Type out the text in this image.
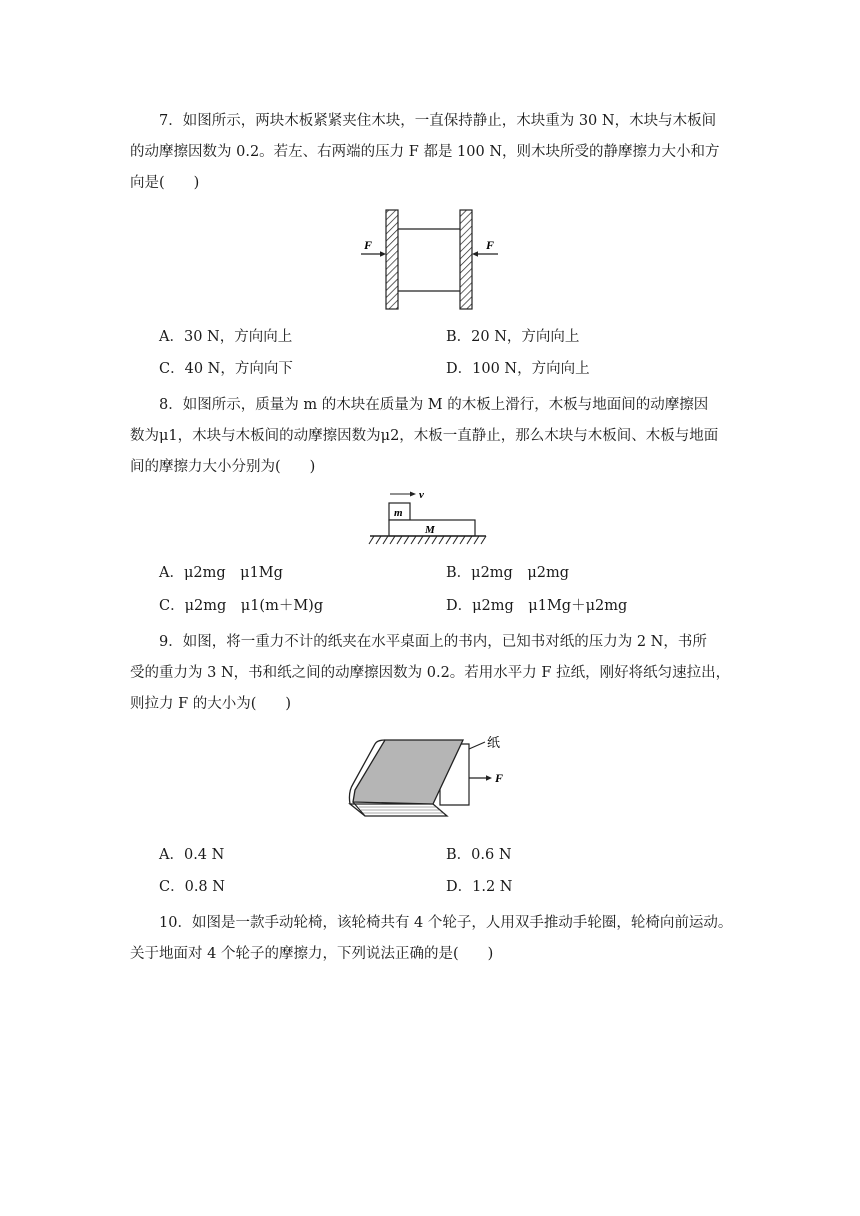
7．如图所示，两块木板紧紧夹住木块，一直保持静止，木块重为 30 N，木块与木板间
的动摩擦因数为 0.2。若左、右两端的压力 F 都是 100 N，则木块所受的静摩擦力大小和方
向是(　　)
F	F
A．30 N，方向向上	B．20 N，方向向上
C．40 N，方向向下	D．100 N，方向向上
8．如图所示，质量为 m 的木块在质量为 M 的木板上滑行，木板与地面间的动摩擦因
数为μ1，木块与木板间的动摩擦因数为μ2，木板一直静止，那么木块与木板间、木板与地面
间的摩擦力大小分别为(　　)
v
m
M
A．μ2mg　μ1Mg	B．μ2mg　μ2mg
C．μ2mg　μ1(m＋M)g	D．μ2mg　μ1Mg＋μ2mg
9．如图，将一重力不计的纸夹在水平桌面上的书内，已知书对纸的压力为 2 N，书所
受的重力为 3 N，书和纸之间的动摩擦因数为 0.2。若用水平力 F 拉纸，刚好将纸匀速拉出，
则拉力 F 的大小为(　　)
纸
F
A．0.4 N	B．0.6 N
C．0.8 N	D．1.2 N
10．如图是一款手动轮椅，该轮椅共有 4 个轮子，人用双手推动手轮圈，轮椅向前运动。
关于地面对 4 个轮子的摩擦力，下列说法正确的是(　　)
